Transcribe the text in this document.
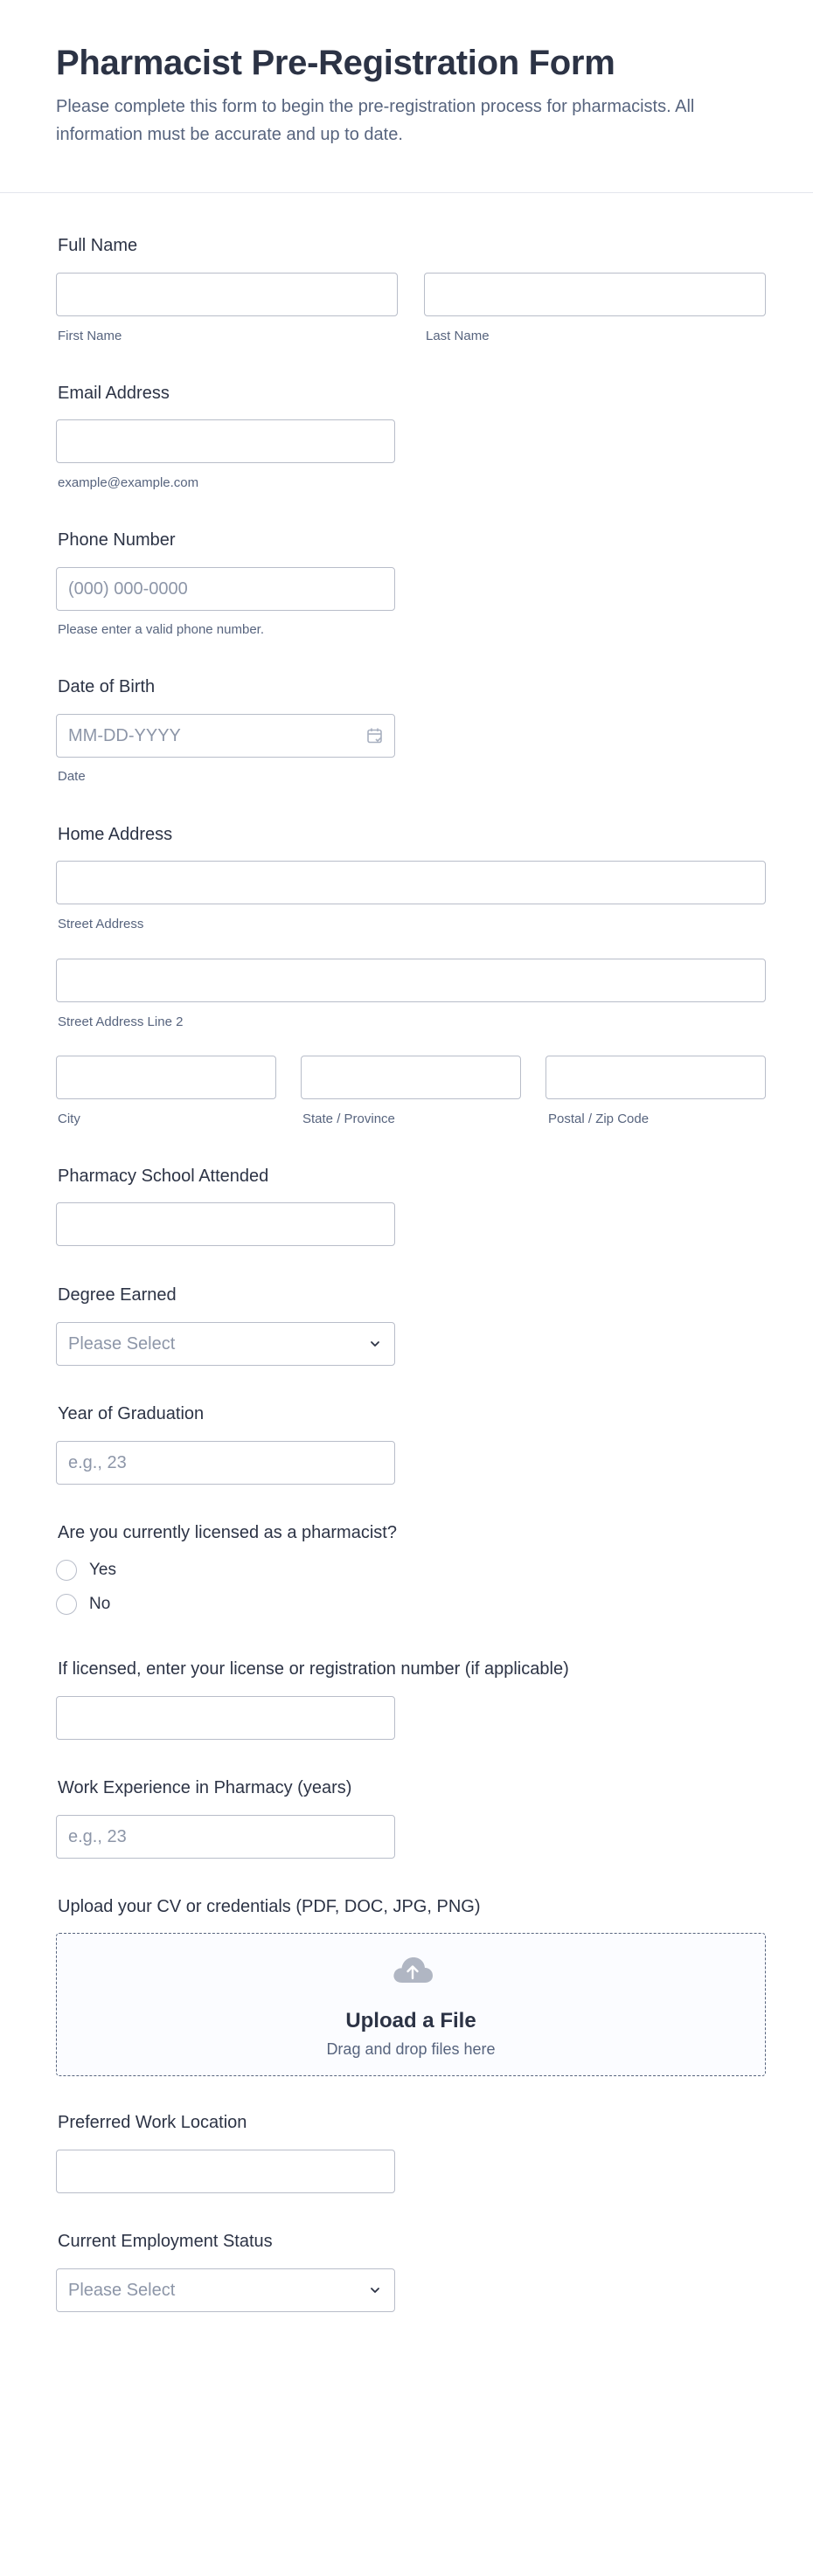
Pharmacist Pre-Registration Form

Please complete this form to begin the pre-registration process for pharmacists. All information must be accurate and up to date.

Full Name
First Name	Last Name
Email Address
example@example.com
Phone Number
(000) 000-0000
Please enter a valid phone number.
Date of Birth
MM-DD-YYYY
Date
Home Address
Street Address
Street Address Line 2
City	State / Province	Postal / Zip Code
Pharmacy School Attended
Degree Earned
Please Select
Year of Graduation
e.g., 23
Are you currently licensed as a pharmacist?
Yes
No
If licensed, enter your license or registration number (if applicable)
Work Experience in Pharmacy (years)
e.g., 23
Upload your CV or credentials (PDF, DOC, JPG, PNG)
Upload a File
Drag and drop files here
Preferred Work Location
Current Employment Status
Please Select
